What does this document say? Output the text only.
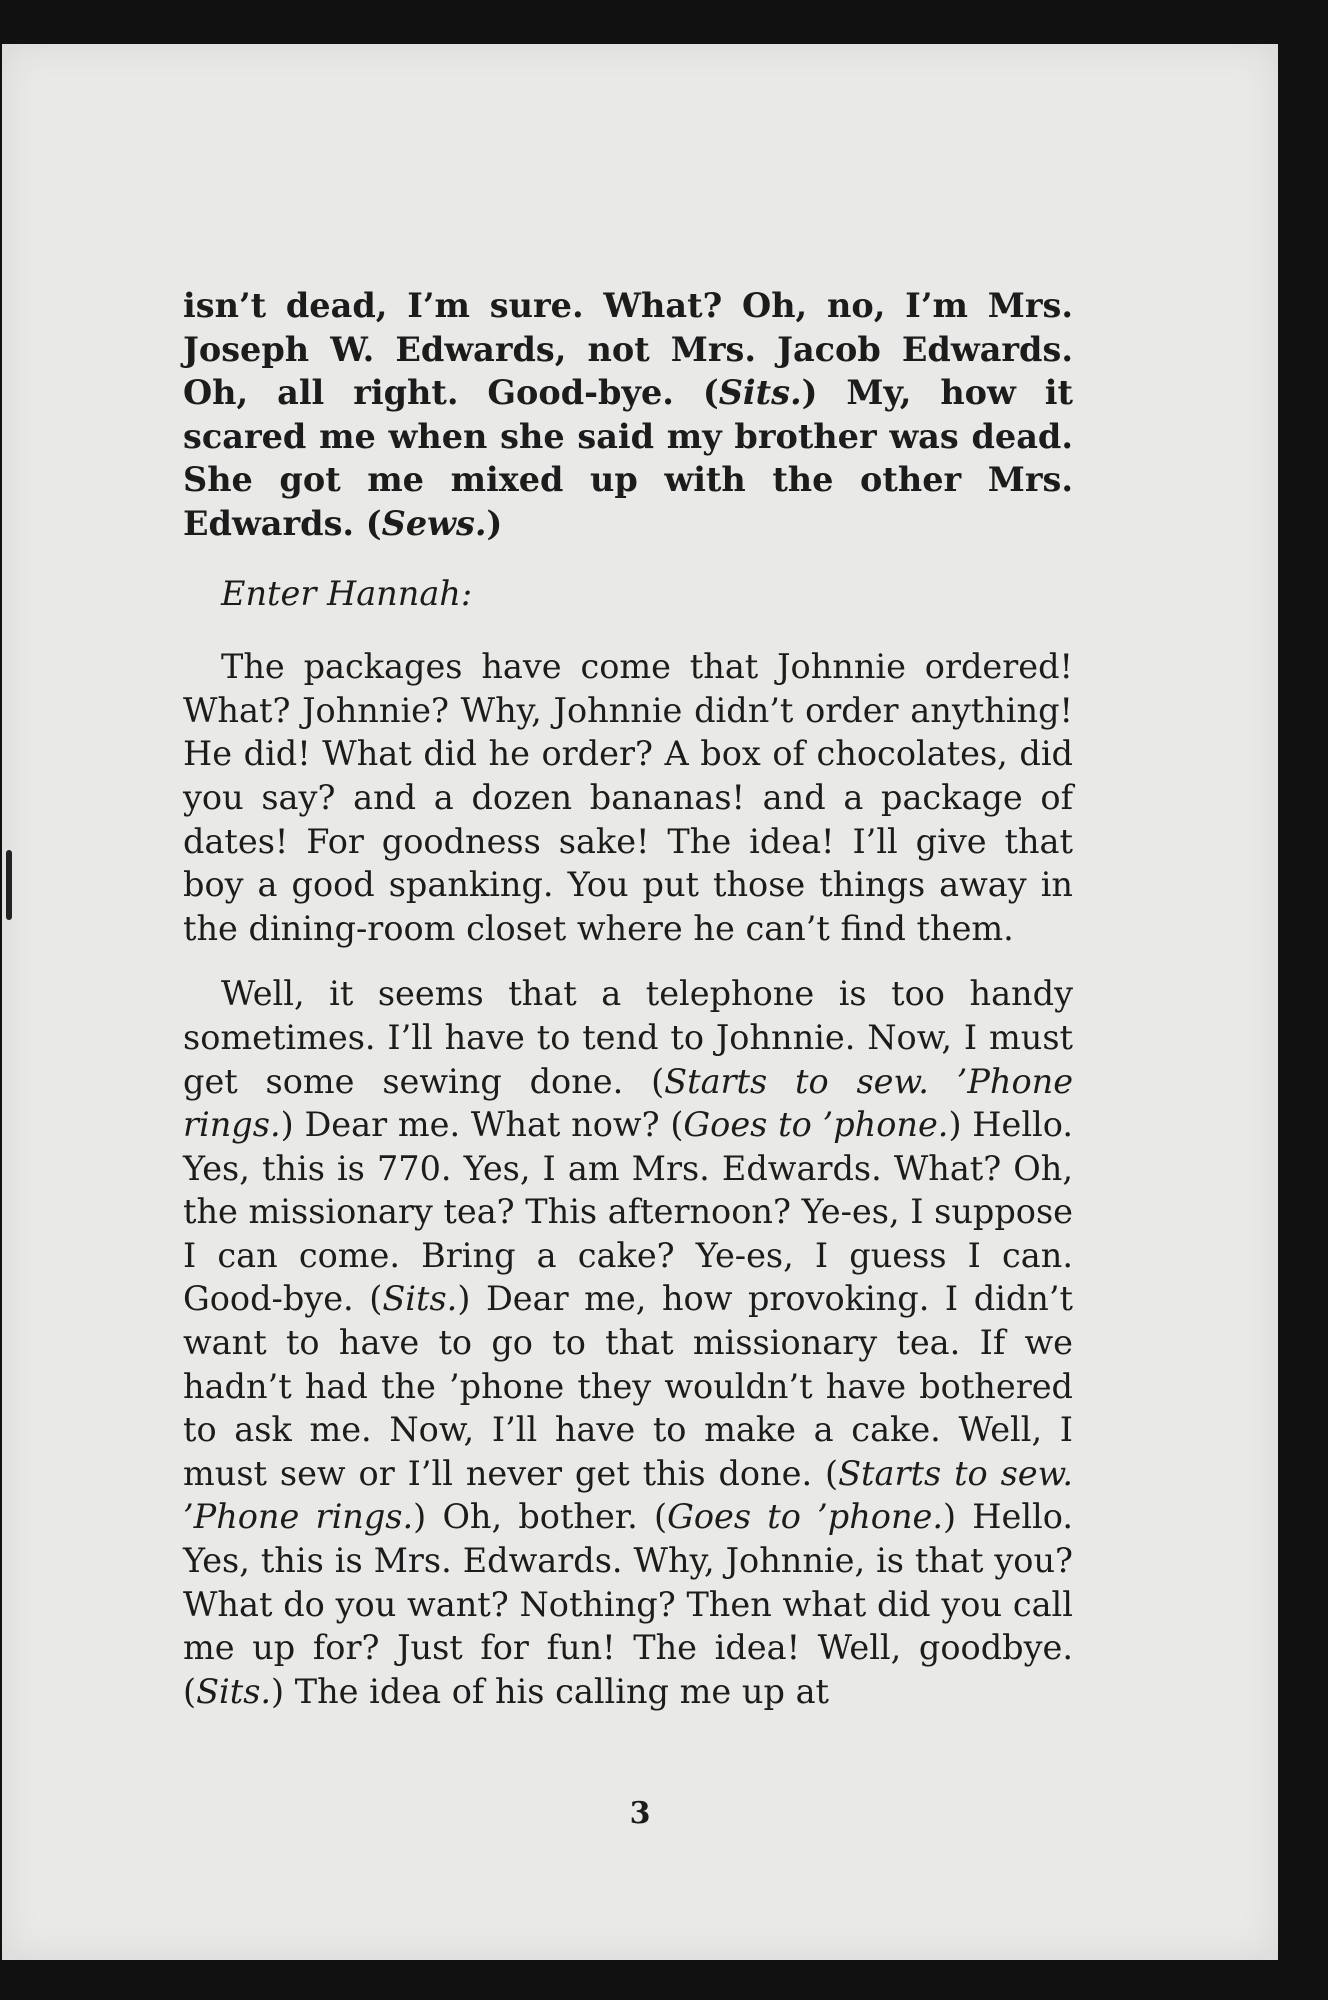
isn’t dead, I’m sure. What? Oh, no, I’m Mrs. Joseph W. Edwards, not Mrs. Jacob Edwards. Oh, all right. Good-bye. (Sits.) My, how it scared me when she said my brother was dead. She got me mixed up with the other Mrs. Edwards. (Sews.)

Enter Hannah:

The packages have come that Johnnie ordered! What? Johnnie? Why, Johnnie didn’t order anything! He did! What did he order? A box of chocolates, did you say? and a dozen bananas! and a package of dates! For goodness sake! The idea! I’ll give that boy a good spanking. You put those things away in the dining-room closet where he can’t find them.

Well, it seems that a telephone is too handy sometimes. I’ll have to tend to Johnnie. Now, I must get some sewing done. (Starts to sew. ’Phone rings.) Dear me. What now? (Goes to ’phone.) Hello. Yes, this is 770. Yes, I am Mrs. Edwards. What? Oh, the missionary tea? This afternoon? Ye-es, I suppose I can come. Bring a cake? Ye-es, I guess I can. Good-bye. (Sits.) Dear me, how provoking. I didn’t want to have to go to that missionary tea. If we hadn’t had the ’phone they wouldn’t have bothered to ask me. Now, I’ll have to make a cake. Well, I must sew or I’ll never get this done. (Starts to sew. ’Phone rings.) Oh, bother. (Goes to ’phone.) Hello. Yes, this is Mrs. Edwards. Why, Johnnie, is that you? What do you want? Nothing? Then what did you call me up for? Just for fun! The idea! Well, goodbye. (Sits.) The idea of his calling me up at

3
